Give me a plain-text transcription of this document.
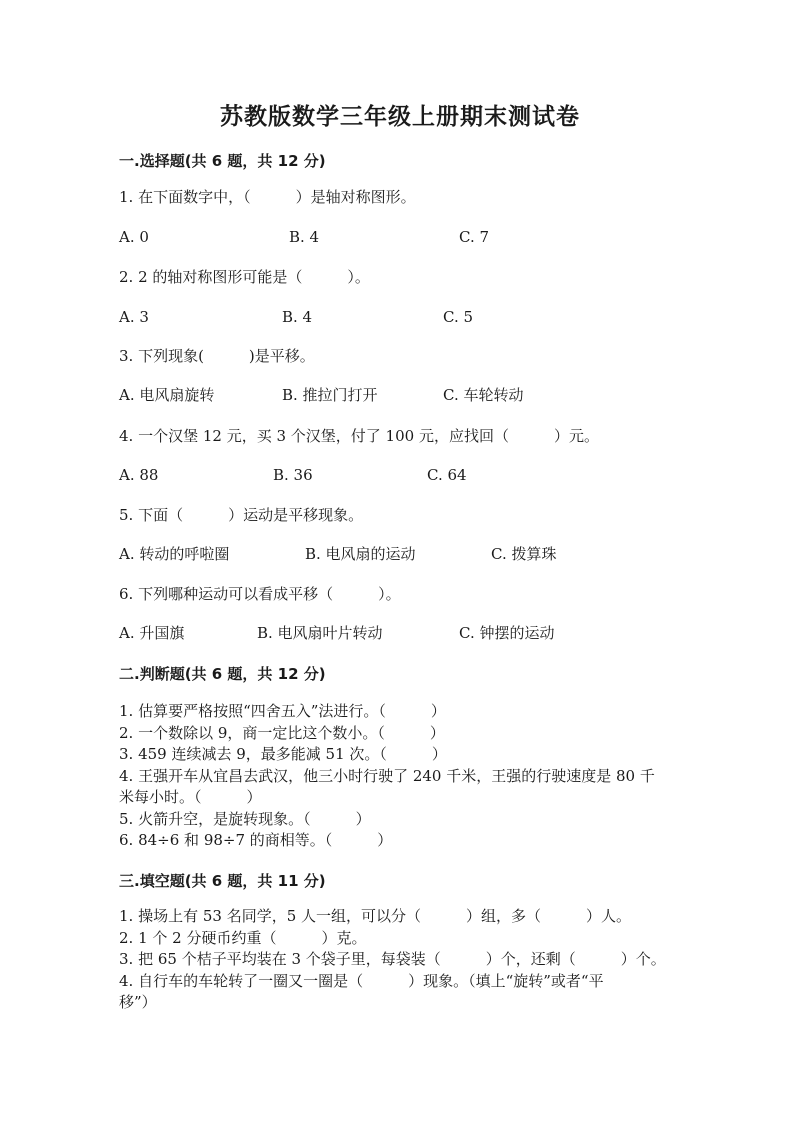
苏教版数学三年级上册期末测试卷
一.选择题(共 6 题，共 12 分)
1. 在下面数字中，（　　　）是轴对称图形。
A. 0	B. 4	C. 7
2. 2 的轴对称图形可能是（　　　）。
A. 3	B. 4	C. 5
3. 下列现象(　　　)是平移。
A. 电风扇旋转	B. 推拉门打开	C. 车轮转动
4. 一个汉堡 12 元，买 3 个汉堡，付了 100 元，应找回（　　　）元。
A. 88	B. 36	C. 64
5. 下面（　　　）运动是平移现象。
A. 转动的呼啦圈	B. 电风扇的运动	C. 拨算珠
6. 下列哪种运动可以看成平移（　　　）。
A. 升国旗	B. 电风扇叶片转动	C. 钟摆的运动
二.判断题(共 6 题，共 12 分)
1. 估算要严格按照“四舍五入”法进行。（　　　）
2. 一个数除以 9，商一定比这个数小。（　　　）
3. 459 连续减去 9，最多能减 51 次。（　　　）
4. 王强开车从宜昌去武汉，他三小时行驶了 240 千米，王强的行驶速度是 80 千
米每小时。（　　　）
5. 火箭升空，是旋转现象。（　　　）
6. 84÷6 和 98÷7 的商相等。（　　　）
三.填空题(共 6 题，共 11 分)
1. 操场上有 53 名同学，5 人一组，可以分（　　　）组，多（　　　）人。
2. 1 个 2 分硬币约重（　　　）克。
3. 把 65 个桔子平均装在 3 个袋子里，每袋装（　　　）个，还剩（　　　）个。
4. 自行车的车轮转了一圈又一圈是（　　　）现象。（填上“旋转”或者“平
移”）
